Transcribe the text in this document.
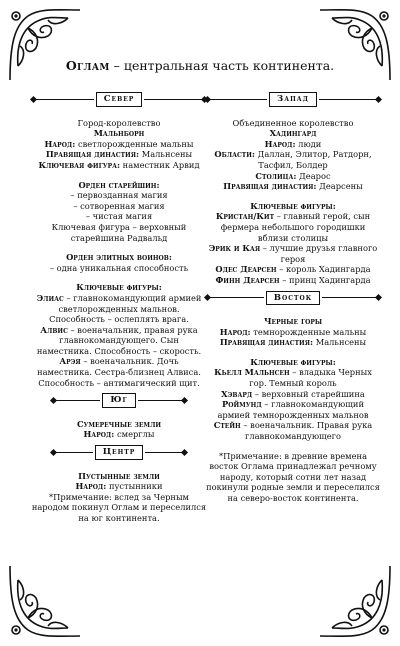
Оглам – центральная часть континента.
Север

Город-королевство

Мальнборн

Народ: светлорожденные мальны

Правящая династия: Мальнсены

Ключевая фигура: наместник Арвид

Орден старейшин:

– первозданная магия

– сотворенная магия

– чистая магия

Ключевая фигура – верховный

старейшина Радвальд

Орден элитных воинов:

– одна уникальная способность

Ключевые фигуры:

Элиас – главнокомандующий армией светлорожденных мальнов. Способность – ослеплять врага.

Алвис – военачальник, правая рука главнокомандующего. Сын наместника. Способность – скорость.

Арэя – военачальник. Дочь наместника. Сестра-близнец Алвиса. Способность – антимагический щит.

Юг

Сумеречные земли

Народ: смерглы

Центр

Пустынные земли

Народ: пустынники

*Примечание: вслед за Черным народом покинул Оглам и переселился на юг континента.

Запад

Объединенное королевство

Хадингард

Народ: люди

Области: Даллан, Элитор, Ратдорн, Тасфил, Болдер

Столица: Деарос

Правящая династия: Деарсены

Ключевые фигуры:

Кристан/Кит – главный герой, сын фермера небольшого городишки вблизи столицы

Эрик и Кая – лучшие друзья главного героя

Одес Деарсен – король Хадингарда

Финн Деарсен – принц Хадингарда

Восток

Черные горы

Народ: темнорожденные мальны

Правящая династия: Мальнсены

Ключевые фигуры:

Кьелл Мальнсен – владыка Черных гор. Темный король

Хэвард – верховный старейшина

Роймунд – главнокомандующий армией темнорожденных мальнов

Стейн – военачальник. Правая рука главнокомандующего

*Примечание: в древние времена восток Оглама принадлежал речному народу, который сотни лет назад покинули родные земли и переселился на северо-восток континента.
